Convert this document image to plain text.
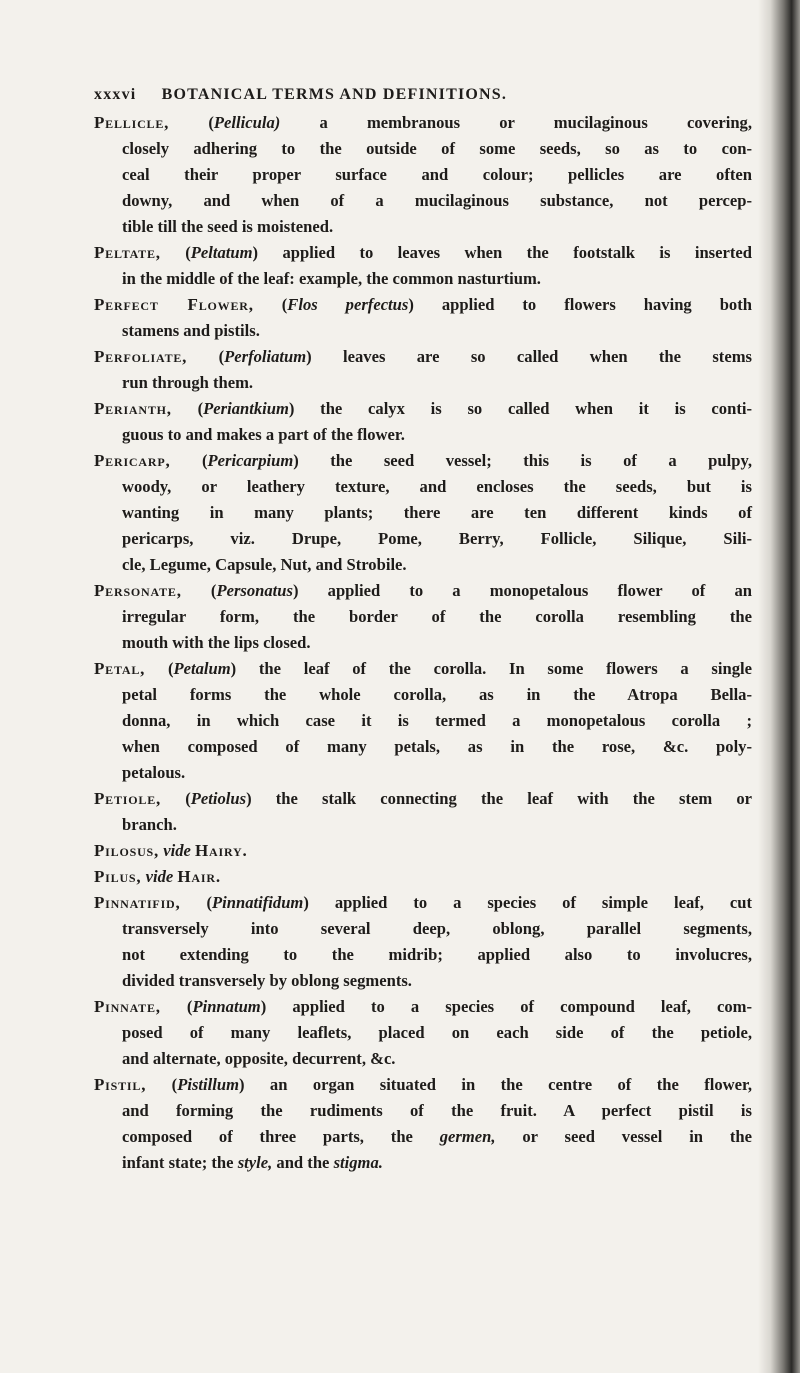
xxxvi BOTANICAL TERMS AND DEFINITIONS.
Pellicle, (Pellicula) a membranous or mucilaginous covering,
closely adhering to the outside of some seeds, so as to con-
ceal their proper surface and colour; pellicles are often
downy, and when of a mucilaginous substance, not percep-
tible till the seed is moistened.
Peltate, (Peltatum) applied to leaves when the footstalk is inserted
in the middle of the leaf: example, the common nasturtium.
Perfect Flower, (Flos perfectus) applied to flowers having both
stamens and pistils.
Perfoliate, (Perfoliatum) leaves are so called when the stems
run through them.
Perianth, (Periantkium) the calyx is so called when it is conti-
guous to and makes a part of the flower.
Pericarp, (Pericarpium) the seed vessel; this is of a pulpy,
woody, or leathery texture, and encloses the seeds, but is
wanting in many plants; there are ten different kinds of
pericarps, viz. Drupe, Pome, Berry, Follicle, Silique, Sili-
cle, Legume, Capsule, Nut, and Strobile.
Personate, (Personatus) applied to a monopetalous flower of an
irregular form, the border of the corolla resembling the
mouth with the lips closed.
Petal, (Petalum) the leaf of the corolla. In some flowers a single
petal forms the whole corolla, as in the Atropa Bella-
donna, in which case it is termed a monopetalous corolla ;
when composed of many petals, as in the rose, &c. poly-
petalous.
Petiole, (Petiolus) the stalk connecting the leaf with the stem or
branch.
Pilosus, vide Hairy.
Pilus, vide Hair.
Pinnatifid, (Pinnatifidum) applied to a species of simple leaf, cut
transversely into several deep, oblong, parallel segments,
not extending to the midrib; applied also to involucres,
divided transversely by oblong segments.
Pinnate, (Pinnatum) applied to a species of compound leaf, com-
posed of many leaflets, placed on each side of the petiole,
and alternate, opposite, decurrent, &c.
Pistil, (Pistillum) an organ situated in the centre of the flower,
and forming the rudiments of the fruit. A perfect pistil is
composed of three parts, the germen, or seed vessel in the
infant state; the style, and the stigma.
